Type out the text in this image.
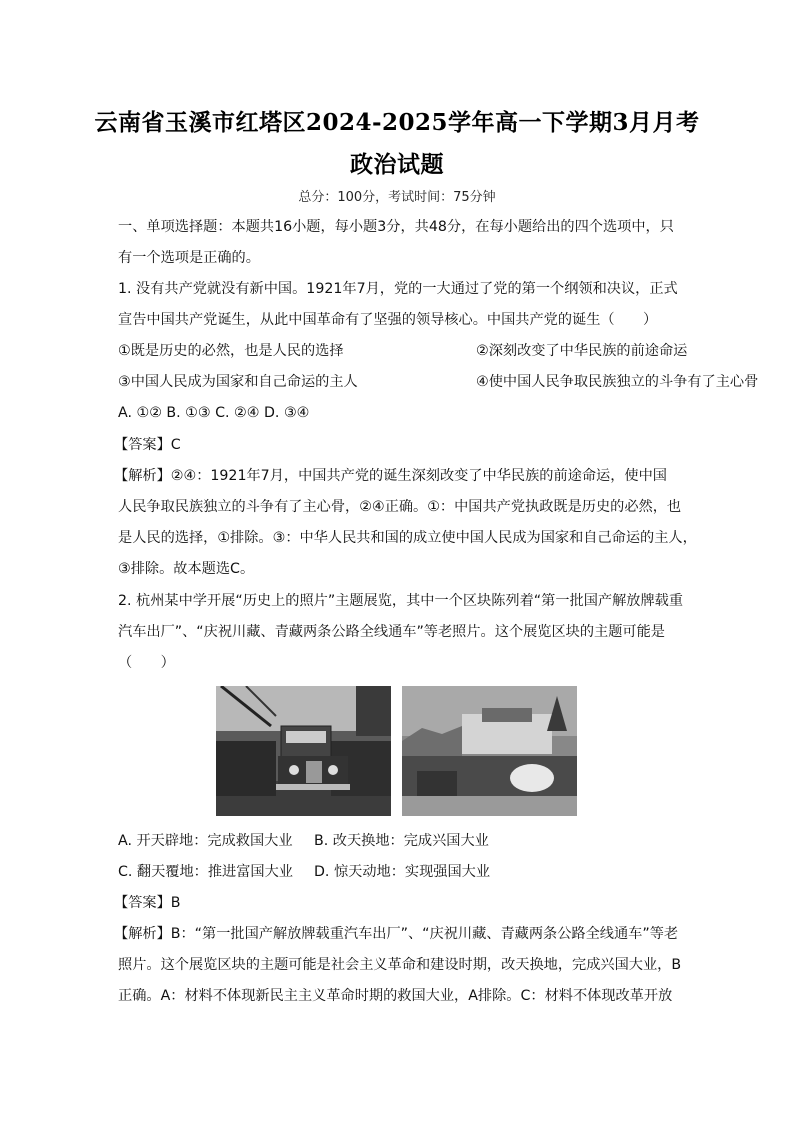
云南省玉溪市红塔区2024-2025学年高一下学期3月月考
政治试题
总分：100分，考试时间：75分钟
一、单项选择题：本题共16小题，每小题3分，共48分，在每小题给出的四个选项中，只
有一个选项是正确的。
1. 没有共产党就没有新中国。1921年7月，党的一大通过了党的第一个纲领和决议，正式
宣告中国共产党诞生，从此中国革命有了坚强的领导核心。中国共产党的诞生（　　）
①既是历史的必然，也是人民的选择	②深刻改变了中华民族的前途命运
③中国人民成为国家和自己命运的主人	④使中国人民争取民族独立的斗争有了主心骨
A. ①② B. ①③ C. ②④ D. ③④
【答案】C
【解析】②④：1921年7月，中国共产党的诞生深刻改变了中华民族的前途命运，使中国
人民争取民族独立的斗争有了主心骨，②④正确。①：中国共产党执政既是历史的必然，也
是人民的选择，①排除。③：中华人民共和国的成立使中国人民成为国家和自己命运的主人，
③排除。故本题选C。
2. 杭州某中学开展“历史上的照片”主题展览，其中一个区块陈列着“第一批国产解放牌载重
汽车出厂”、“庆祝川藏、青藏两条公路全线通车”等老照片。这个展览区块的主题可能是
（　　）
A. 开天辟地：完成救国大业 B. 改天换地：完成兴国大业
C. 翻天覆地：推进富国大业 D. 惊天动地：实现强国大业
【答案】B
【解析】B：“第一批国产解放牌载重汽车出厂”、“庆祝川藏、青藏两条公路全线通车”等老
照片。这个展览区块的主题可能是社会主义革命和建设时期，改天换地，完成兴国大业，B
正确。A：材料不体现新民主主义革命时期的救国大业，A排除。C：材料不体现改革开放
